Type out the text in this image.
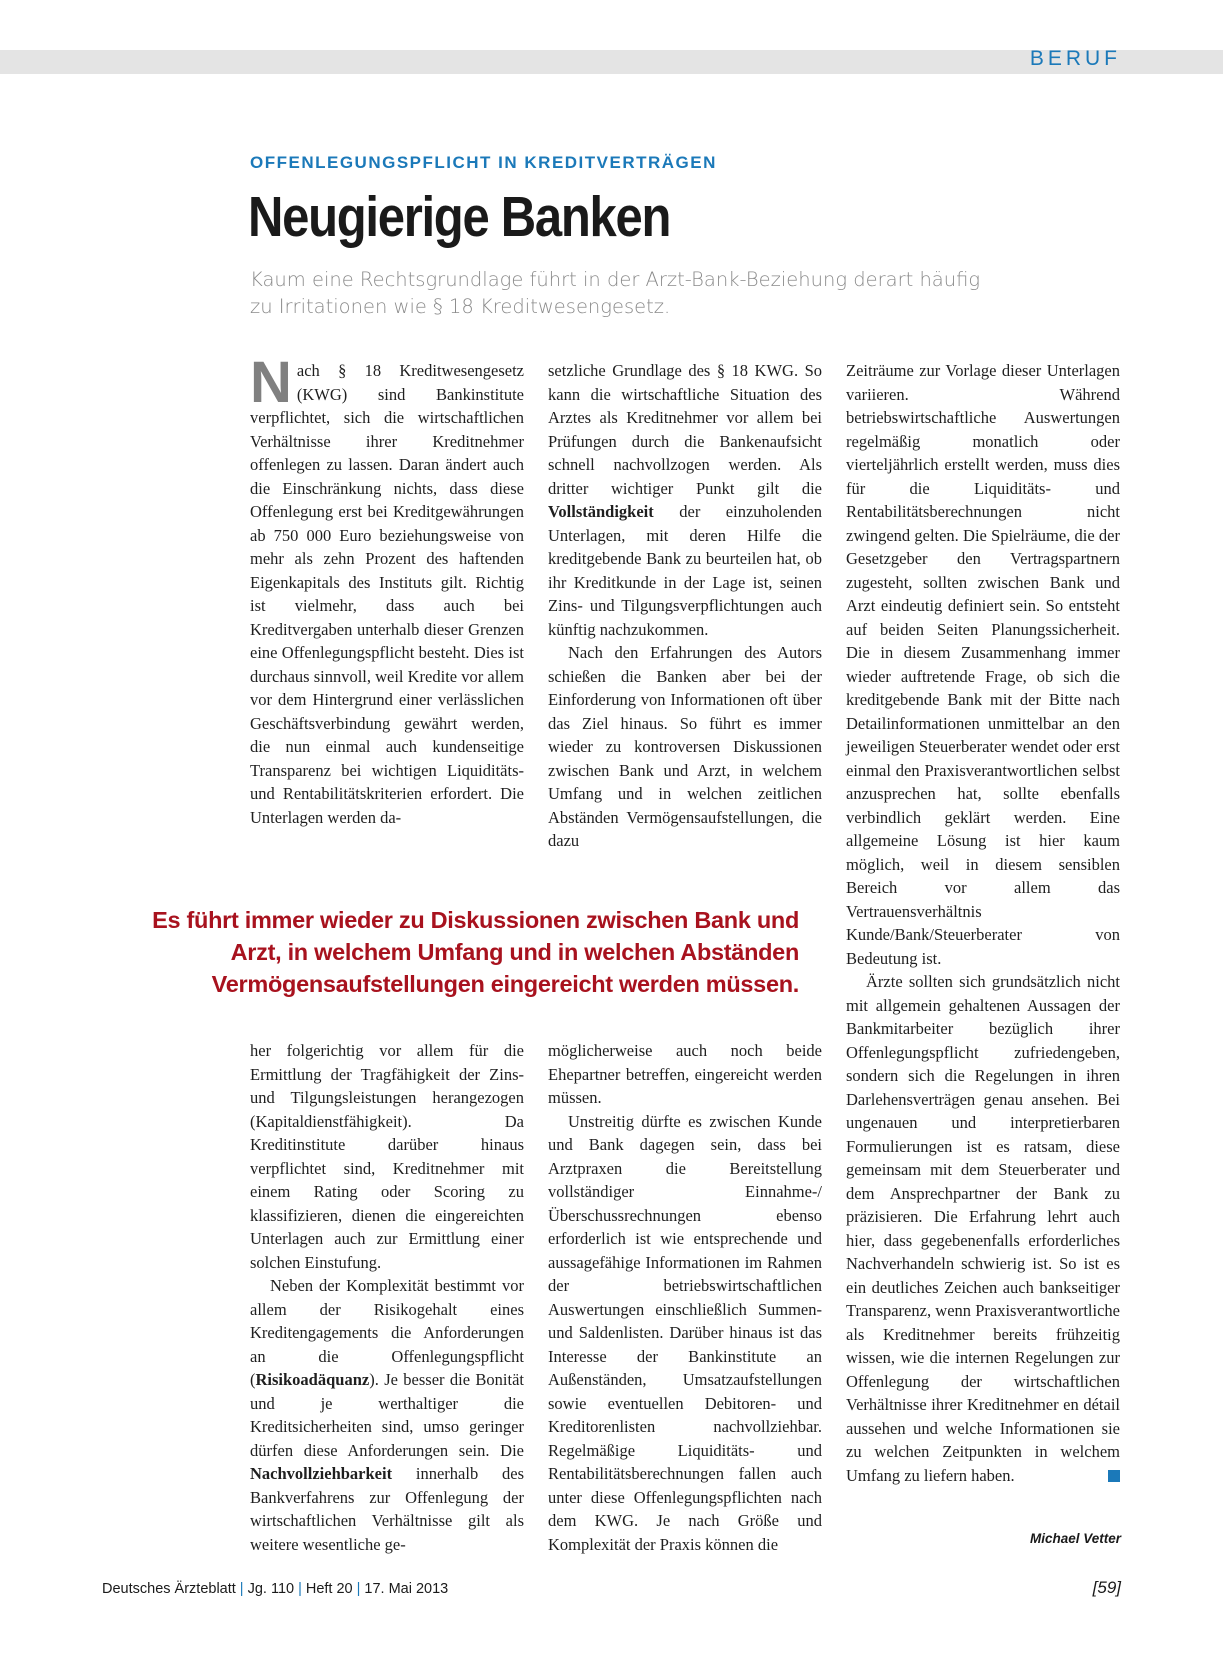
BERUF
OFFENLEGUNGSPFLICHT IN KREDITVERTRÄGEN
Neugierige Banken
Kaum eine Rechtsgrundlage führt in der Arzt-Bank-Beziehung derart häufig zu Irritationen wie § 18 Kreditwesengesetz.

Nach § 18 Kreditwesengesetz (KWG) sind Bankinstitute verpflichtet, sich die wirtschaftlichen Verhältnisse ihrer Kreditnehmer offenlegen zu lassen. Daran ändert auch die Einschränkung nichts, dass diese Offenlegung erst bei Kreditgewährungen ab 750 000 Euro beziehungsweise von mehr als zehn Prozent des haftenden Eigenkapitals des Instituts gilt. Richtig ist vielmehr, dass auch bei Kreditvergaben unterhalb dieser Grenzen eine Offenlegungspflicht besteht. Dies ist durchaus sinnvoll, weil Kredite vor allem vor dem Hintergrund einer verlässlichen Geschäftsverbindung gewährt werden, die nun einmal auch kundenseitige Transparenz bei wichtigen Liquiditäts- und Rentabilitätskriterien erfordert. Die Unterlagen werden da-

setzliche Grundlage des § 18 KWG. So kann die wirtschaftliche Situation des Arztes als Kreditnehmer vor allem bei Prüfungen durch die Bankenaufsicht schnell nachvollzogen werden. Als dritter wichtiger Punkt gilt die Vollständigkeit der einzuholenden Unterlagen, mit deren Hilfe die kreditgebende Bank zu beurteilen hat, ob ihr Kreditkunde in der Lage ist, seinen Zins- und Tilgungsverpflichtungen auch künftig nachzukommen.

Nach den Erfahrungen des Autors schießen die Banken aber bei der Einforderung von Informationen oft über das Ziel hinaus. So führt es immer wieder zu kontroversen Diskussionen zwischen Bank und Arzt, in welchem Umfang und in welchen zeitlichen Abständen Vermögensaufstellungen, die dazu

Zeiträume zur Vorlage dieser Unterlagen variieren. Während betriebswirtschaftliche Auswertungen regelmäßig monatlich oder vierteljährlich erstellt werden, muss dies für die Liquiditäts- und Rentabilitätsberechnungen nicht zwingend gelten. Die Spielräume, die der Gesetzgeber den Vertragspartnern zugesteht, sollten zwischen Bank und Arzt eindeutig definiert sein. So entsteht auf beiden Seiten Planungssicherheit. Die in diesem Zusammenhang immer wieder auftretende Frage, ob sich die kreditgebende Bank mit der Bitte nach Detailinformationen unmittelbar an den jeweiligen Steuerberater wendet oder erst einmal den Praxisverantwortlichen selbst anzusprechen hat, sollte ebenfalls verbindlich geklärt werden. Eine allgemeine Lösung ist hier kaum möglich, weil in diesem sensiblen Bereich vor allem das Vertrauensverhältnis Kunde/Bank/Steuerberater von Bedeutung ist.

Ärzte sollten sich grundsätzlich nicht mit allgemein gehaltenen Aussagen der Bankmitarbeiter bezüglich ihrer Offenlegungspflicht zufriedengeben, sondern sich die Regelungen in ihren Darlehensverträgen genau ansehen. Bei ungenauen und interpretierbaren Formulierungen ist es ratsam, diese gemeinsam mit dem Steuerberater und dem Ansprechpartner der Bank zu präzisieren. Die Erfahrung lehrt auch hier, dass gegebenenfalls erforderliches Nachverhandeln schwierig ist. So ist es ein deutliches Zeichen auch bankseitiger Transparenz, wenn Praxisverantwortliche als Kreditnehmer bereits frühzeitig wissen, wie die internen Regelungen zur Offenlegung der wirtschaftlichen Verhältnisse ihrer Kreditnehmer en détail aussehen und welche Informationen sie zu welchen Zeitpunkten in welchem Umfang zu liefern haben.

Es führt immer wieder zu Diskussionen zwischen Bank und Arzt, in welchem Umfang und in welchen Abständen Vermögensaufstellungen eingereicht werden müssen.

her folgerichtig vor allem für die Ermittlung der Tragfähigkeit der Zins- und Tilgungsleistungen herangezogen (Kapitaldienstfähigkeit). Da Kreditinstitute darüber hinaus verpflichtet sind, Kreditnehmer mit einem Rating oder Scoring zu klassifizieren, dienen die eingereichten Unterlagen auch zur Ermittlung einer solchen Einstufung.

Neben der Komplexität bestimmt vor allem der Risikogehalt eines Kreditengagements die Anforderungen an die Offenlegungspflicht (Risikoadäquanz). Je besser die Bonität und je werthaltiger die Kreditsicherheiten sind, umso geringer dürfen diese Anforderungen sein. Die Nachvollziehbarkeit innerhalb des Bankverfahrens zur Offenlegung der wirtschaftlichen Verhältnisse gilt als weitere wesentliche ge-

möglicherweise auch noch beide Ehepartner betreffen, eingereicht werden müssen.

Unstreitig dürfte es zwischen Kunde und Bank dagegen sein, dass bei Arztpraxen die Bereitstellung vollständiger Einnahme-/Überschussrechnungen ebenso erforderlich ist wie entsprechende und aussagefähige Informationen im Rahmen der betriebswirtschaftlichen Auswertungen einschließlich Summen- und Saldenlisten. Darüber hinaus ist das Interesse der Bankinstitute an Außenständen, Umsatzaufstellungen sowie eventuellen Debitoren- und Kreditorenlisten nachvollziehbar. Regelmäßige Liquiditäts- und Rentabilitätsberechnungen fallen auch unter diese Offenlegungspflichten nach dem KWG. Je nach Größe und Komplexität der Praxis können die	Michael Vetter
Deutsches Ärzteblatt | Jg. 110 | Heft 20 | 17. Mai 2013	[59]
